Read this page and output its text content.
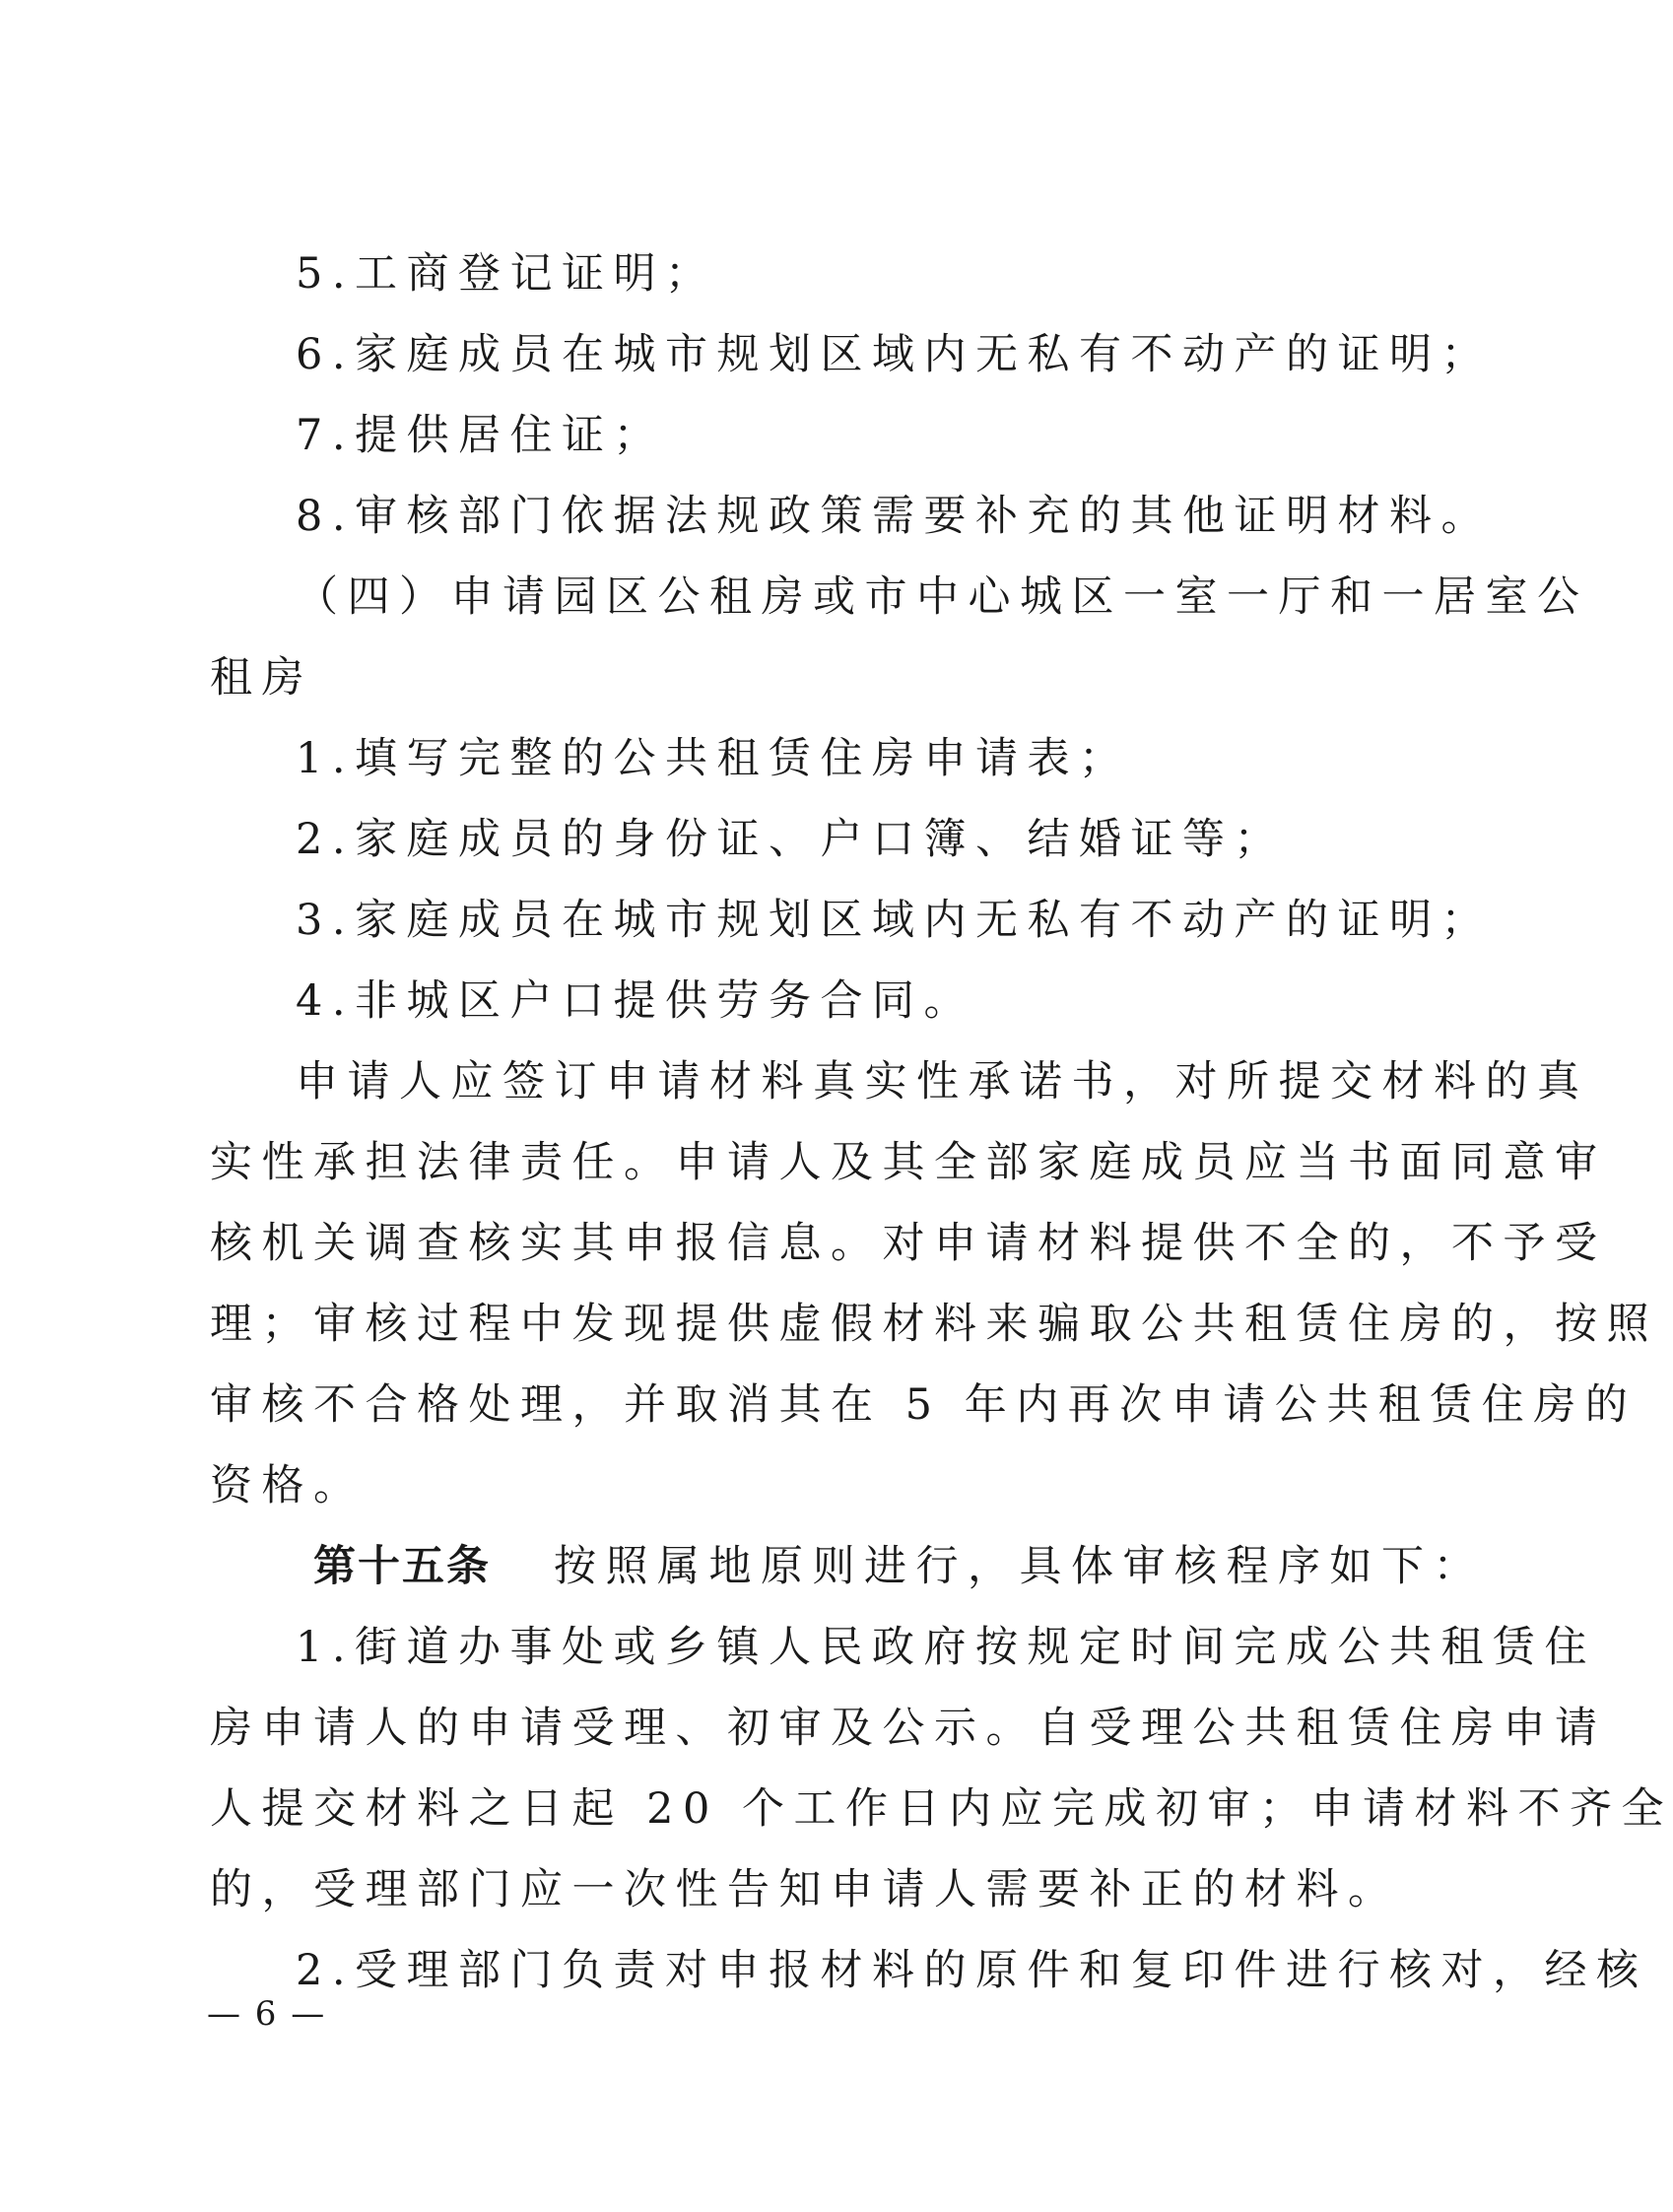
5.工商登记证明；
6.家庭成员在城市规划区域内无私有不动产的证明；
7.提供居住证；
8.审核部门依据法规政策需要补充的其他证明材料。
（四）申请园区公租房或市中心城区一室一厅和一居室公
租房
1.填写完整的公共租赁住房申请表；
2.家庭成员的身份证、户口簿、结婚证等；
3.家庭成员在城市规划区域内无私有不动产的证明；
4.非城区户口提供劳务合同。
申请人应签订申请材料真实性承诺书，对所提交材料的真
实性承担法律责任。申请人及其全部家庭成员应当书面同意审
核机关调查核实其申报信息。对申请材料提供不全的，不予受
理；审核过程中发现提供虚假材料来骗取公共租赁住房的，按照
审核不合格处理，并取消其在 5 年内再次申请公共租赁住房的
资格。
第十五条 按照属地原则进行，具体审核程序如下：
1.街道办事处或乡镇人民政府按规定时间完成公共租赁住
房申请人的申请受理、初审及公示。自受理公共租赁住房申请
人提交材料之日起 20 个工作日内应完成初审；申请材料不齐全
的，受理部门应一次性告知申请人需要补正的材料。
2.受理部门负责对申报材料的原件和复印件进行核对，经核
— 6 —
